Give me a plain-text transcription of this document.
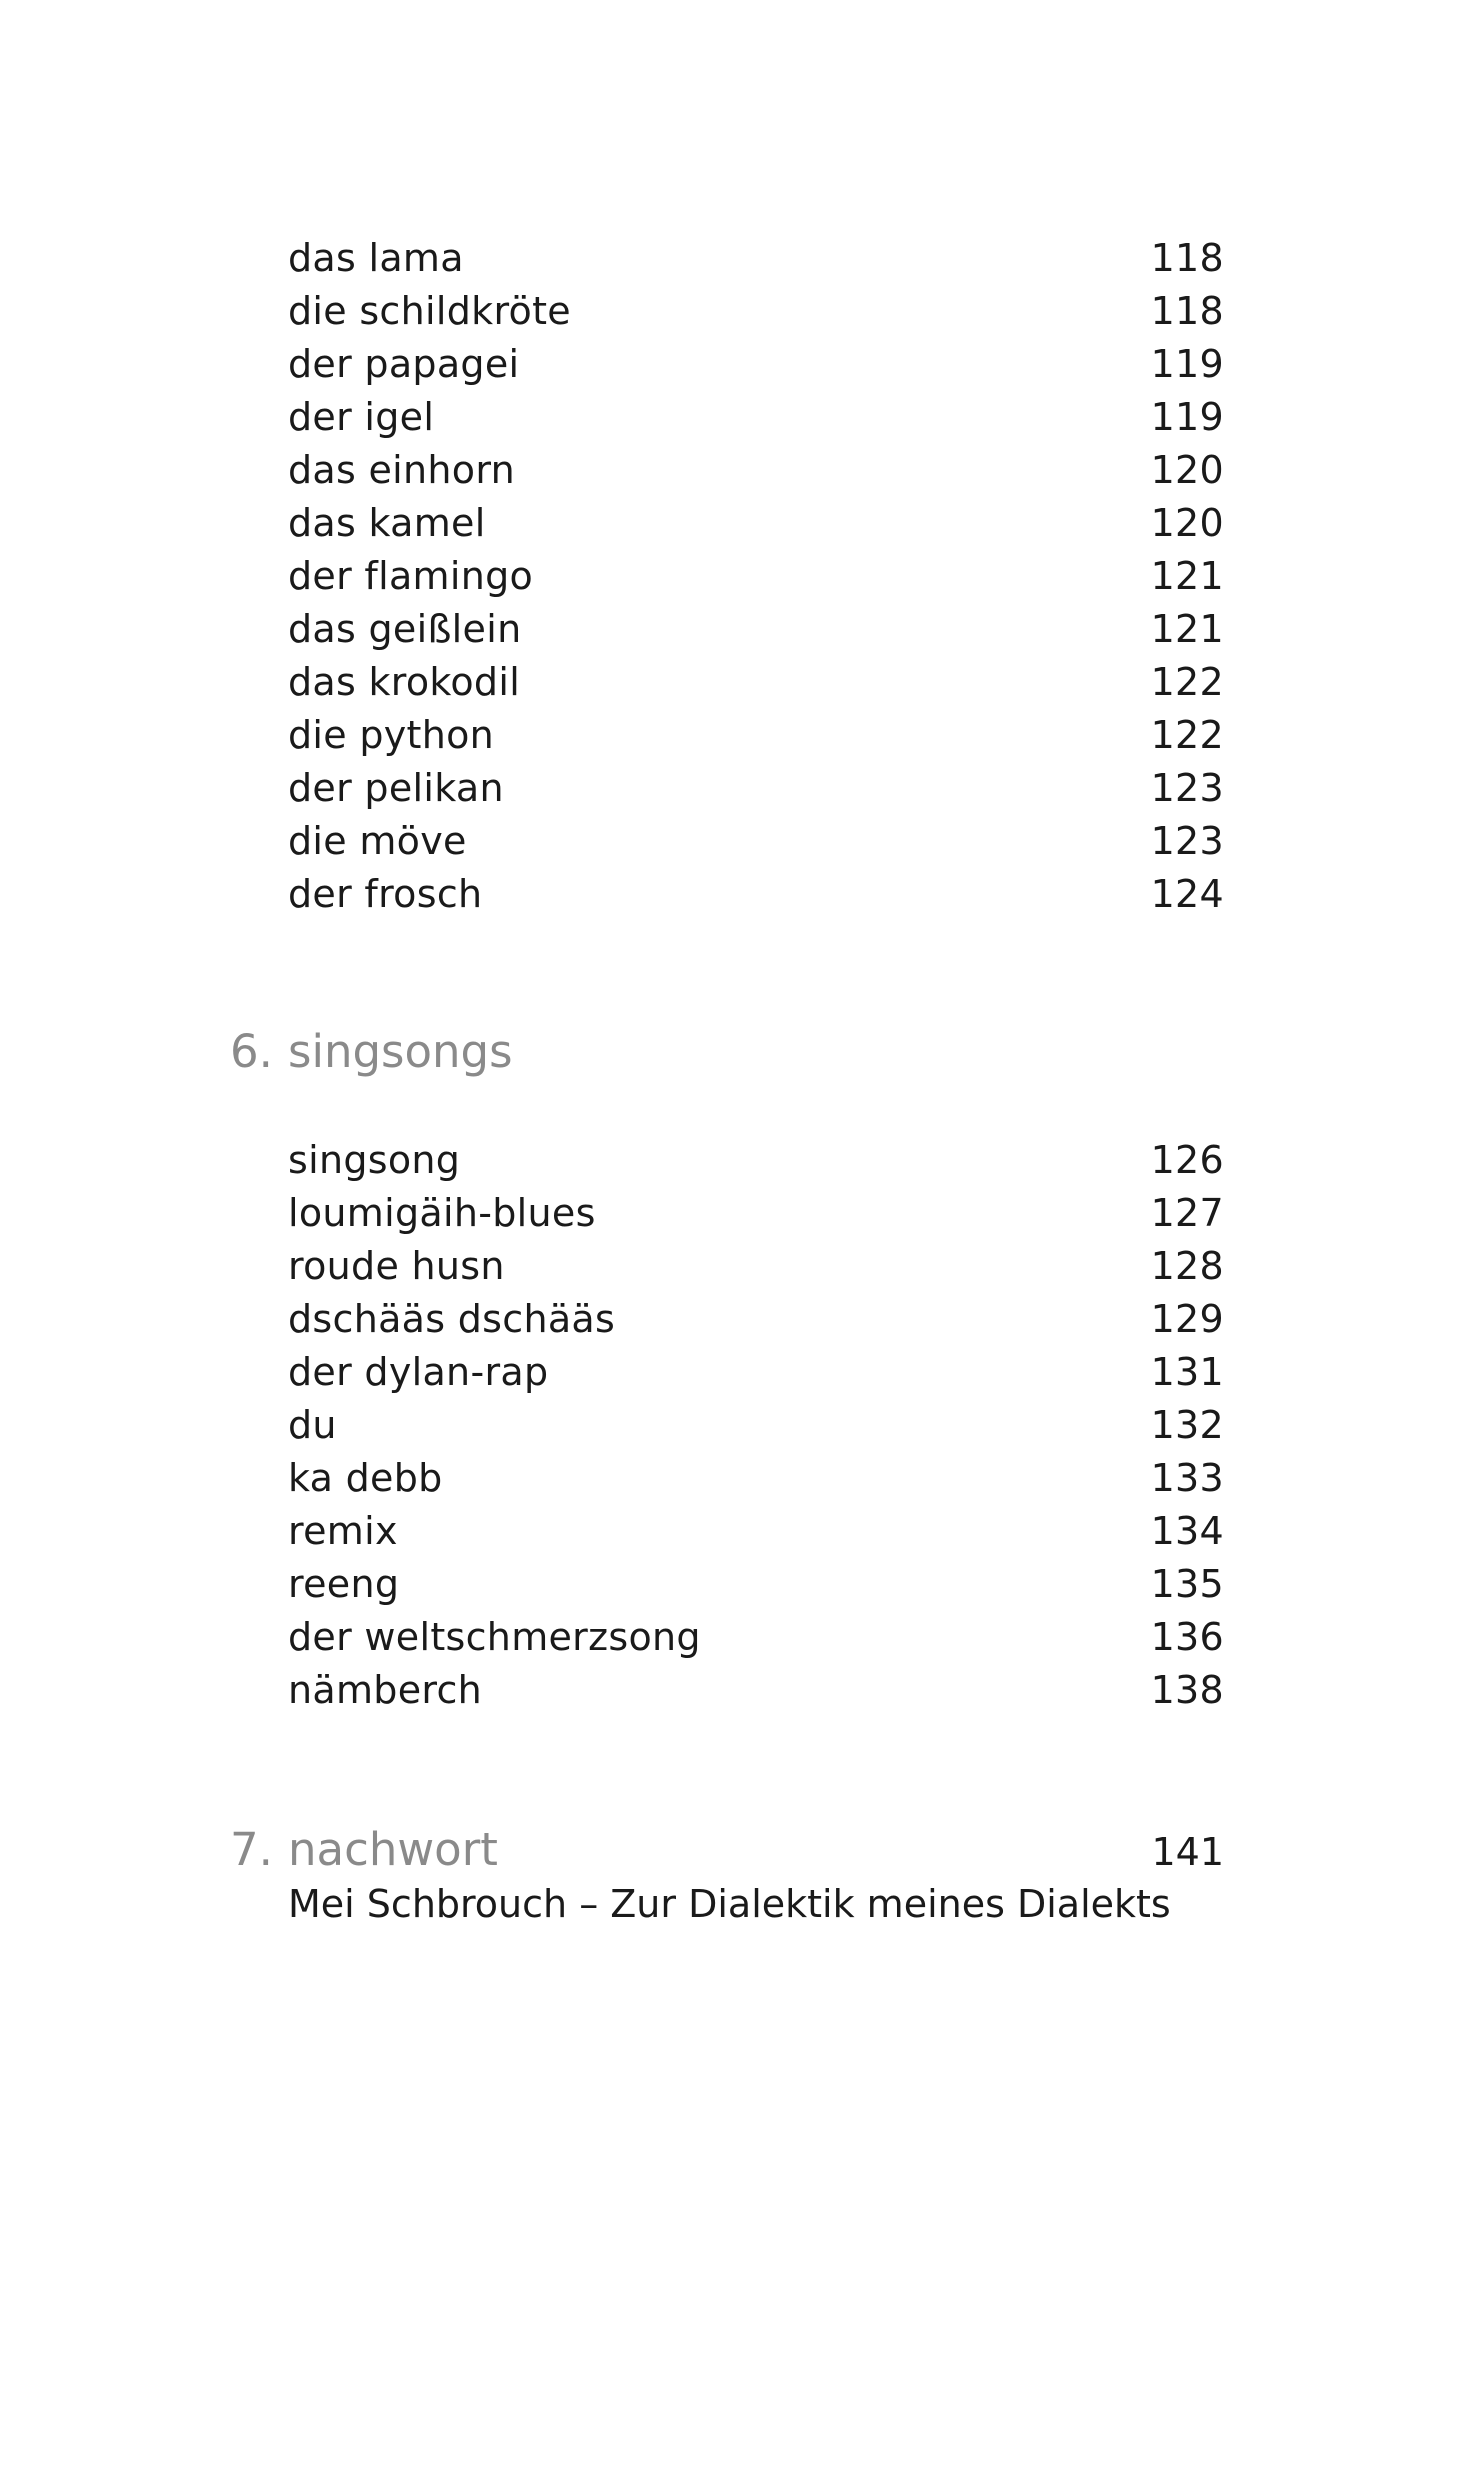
das lama	118
die schildkröte	118
der papagei	119
der igel	119
das einhorn	120
das kamel	120
der flamingo	121
das geißlein	121
das krokodil	122
die python	122
der pelikan	123
die möve	123
der frosch	124
6. singsongs
singsong	126
loumigäih-blues	127
roude husn	128
dschääs dschääs	129
der dylan-rap	131
du	132
ka debb	133
remix	134
reeng	135
der weltschmerzsong	136
nämberch	138
7. nachwort	141
Mei Schbrouch – Zur Dialektik meines Dialekts
